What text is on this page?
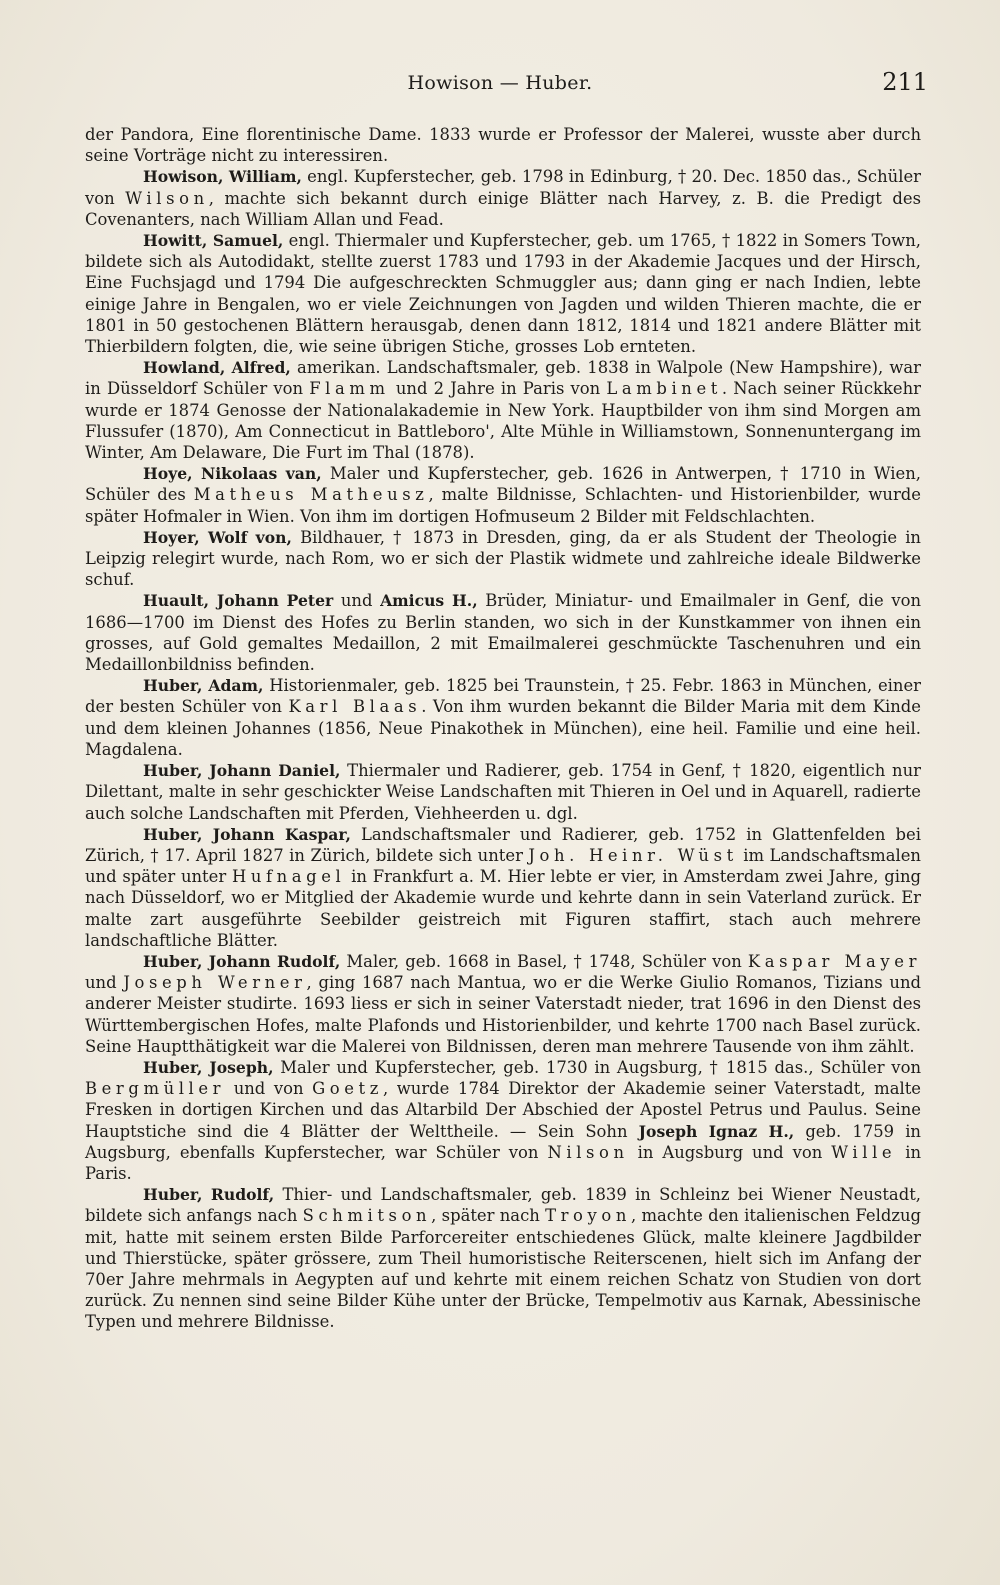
Howison — Huber.	211

der Pandora, Eine florentinische Dame. 1833 wurde er Professor der Malerei, wusste aber durch seine Vorträge nicht zu interessiren.

Howison, William, engl. Kupferstecher, geb. 1798 in Edinburg, † 20. Dec. 1850 das., Schüler von Wilson, machte sich bekannt durch einige Blätter nach Harvey, z. B. die Predigt des Covenanters, nach William Allan und Fead.

Howitt, Samuel, engl. Thiermaler und Kupferstecher, geb. um 1765, † 1822 in Somers Town, bildete sich als Autodidakt, stellte zuerst 1783 und 1793 in der Akademie Jacques und der Hirsch, Eine Fuchsjagd und 1794 Die aufgeschreckten Schmuggler aus; dann ging er nach Indien, lebte einige Jahre in Bengalen, wo er viele Zeichnungen von Jagden und wilden Thieren machte, die er 1801 in 50 gestochenen Blättern herausgab, denen dann 1812, 1814 und 1821 andere Blätter mit Thierbildern folgten, die, wie seine übrigen Stiche, grosses Lob ernteten.

Howland, Alfred, amerikan. Landschaftsmaler, geb. 1838 in Walpole (New Hampshire), war in Düsseldorf Schüler von Flamm und 2 Jahre in Paris von Lambinet. Nach seiner Rückkehr wurde er 1874 Genosse der Nationalakademie in New York. Hauptbilder von ihm sind Morgen am Flussufer (1870), Am Connecticut in Battleboro', Alte Mühle in Williamstown, Sonnenuntergang im Winter, Am Delaware, Die Furt im Thal (1878).

Hoye, Nikolaas van, Maler und Kupferstecher, geb. 1626 in Antwerpen, † 1710 in Wien, Schüler des Matheus Matheusz, malte Bildnisse, Schlachten- und Historienbilder, wurde später Hofmaler in Wien. Von ihm im dortigen Hofmuseum 2 Bilder mit Feldschlachten.

Hoyer, Wolf von, Bildhauer, † 1873 in Dresden, ging, da er als Student der Theologie in Leipzig relegirt wurde, nach Rom, wo er sich der Plastik widmete und zahlreiche ideale Bildwerke schuf.

Huault, Johann Peter und Amicus H., Brüder, Miniatur- und Emailmaler in Genf, die von 1686—1700 im Dienst des Hofes zu Berlin standen, wo sich in der Kunstkammer von ihnen ein grosses, auf Gold gemaltes Medaillon, 2 mit Emailmalerei geschmückte Taschenuhren und ein Medaillonbildniss befinden.

Huber, Adam, Historienmaler, geb. 1825 bei Traunstein, † 25. Febr. 1863 in München, einer der besten Schüler von Karl Blaas. Von ihm wurden bekannt die Bilder Maria mit dem Kinde und dem kleinen Johannes (1856, Neue Pinakothek in München), eine heil. Familie und eine heil. Magdalena.

Huber, Johann Daniel, Thiermaler und Radierer, geb. 1754 in Genf, † 1820, eigentlich nur Dilettant, malte in sehr geschickter Weise Landschaften mit Thieren in Oel und in Aquarell, radierte auch solche Landschaften mit Pferden, Viehheerden u. dgl.

Huber, Johann Kaspar, Landschaftsmaler und Radierer, geb. 1752 in Glattenfelden bei Zürich, † 17. April 1827 in Zürich, bildete sich unter Joh. Heinr. Wüst im Landschaftsmalen und später unter Hufnagel in Frankfurt a. M. Hier lebte er vier, in Amsterdam zwei Jahre, ging nach Düsseldorf, wo er Mitglied der Akademie wurde und kehrte dann in sein Vaterland zurück. Er malte zart ausgeführte Seebilder geistreich mit Figuren staffirt, stach auch mehrere landschaftliche Blätter.

Huber, Johann Rudolf, Maler, geb. 1668 in Basel, † 1748, Schüler von Kaspar Mayer und Joseph Werner, ging 1687 nach Mantua, wo er die Werke Giulio Romanos, Tizians und anderer Meister studirte. 1693 liess er sich in seiner Vaterstadt nieder, trat 1696 in den Dienst des Württembergischen Hofes, malte Plafonds und Historienbilder, und kehrte 1700 nach Basel zurück. Seine Hauptthätigkeit war die Malerei von Bildnissen, deren man mehrere Tausende von ihm zählt.

Huber, Joseph, Maler und Kupferstecher, geb. 1730 in Augsburg, † 1815 das., Schüler von Bergmüller und von Goetz, wurde 1784 Direktor der Akademie seiner Vaterstadt, malte Fresken in dortigen Kirchen und das Altarbild Der Abschied der Apostel Petrus und Paulus. Seine Hauptstiche sind die 4 Blätter der Welttheile. — Sein Sohn Joseph Ignaz H., geb. 1759 in Augsburg, ebenfalls Kupferstecher, war Schüler von Nilson in Augsburg und von Wille in Paris.

Huber, Rudolf, Thier- und Landschaftsmaler, geb. 1839 in Schleinz bei Wiener Neustadt, bildete sich anfangs nach Schmitson, später nach Troyon, machte den italienischen Feldzug mit, hatte mit seinem ersten Bilde Parforcereiter entschiedenes Glück, malte kleinere Jagdbilder und Thierstücke, später grössere, zum Theil humoristische Reiterscenen, hielt sich im Anfang der 70er Jahre mehrmals in Aegypten auf und kehrte mit einem reichen Schatz von Studien von dort zurück. Zu nennen sind seine Bilder Kühe unter der Brücke, Tempelmotiv aus Karnak, Abessinische Typen und mehrere Bildnisse.
